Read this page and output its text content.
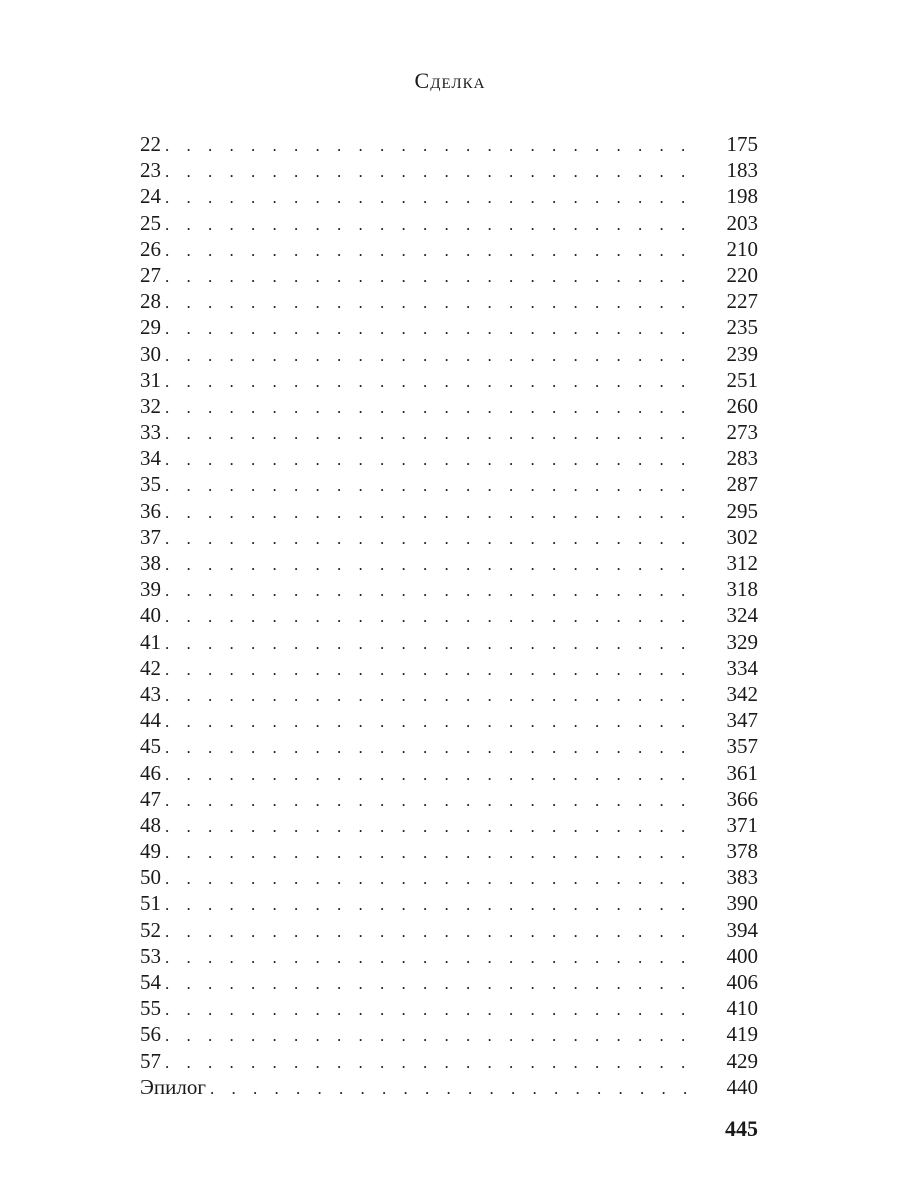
Сделка
22 . . .	175
23 . . .	183
24 . . .	198
25 . . .	203
26 . . .	210
27 . . .	220
28 . . .	227
29 . . .	235
30 . . .	239
31 . . .	251
32 . . .	260
33 . . .	273
34 . . .	283
35 . . .	287
36 . . .	295
37 . . .	302
38 . . .	312
39 . . .	318
40 . . .	324
41 . . .	329
42 . . .	334
43 . . .	342
44 . . .	347
45 . . .	357
46 . . .	361
47 . . .	366
48 . . .	371
49 . . .	378
50 . . .	383
51 . . .	390
52 . . .	394
53 . . .	400
54 . . .	406
55 . . .	410
56 . . .	419
57 . . .	429
Эпилог . . .	440
445
